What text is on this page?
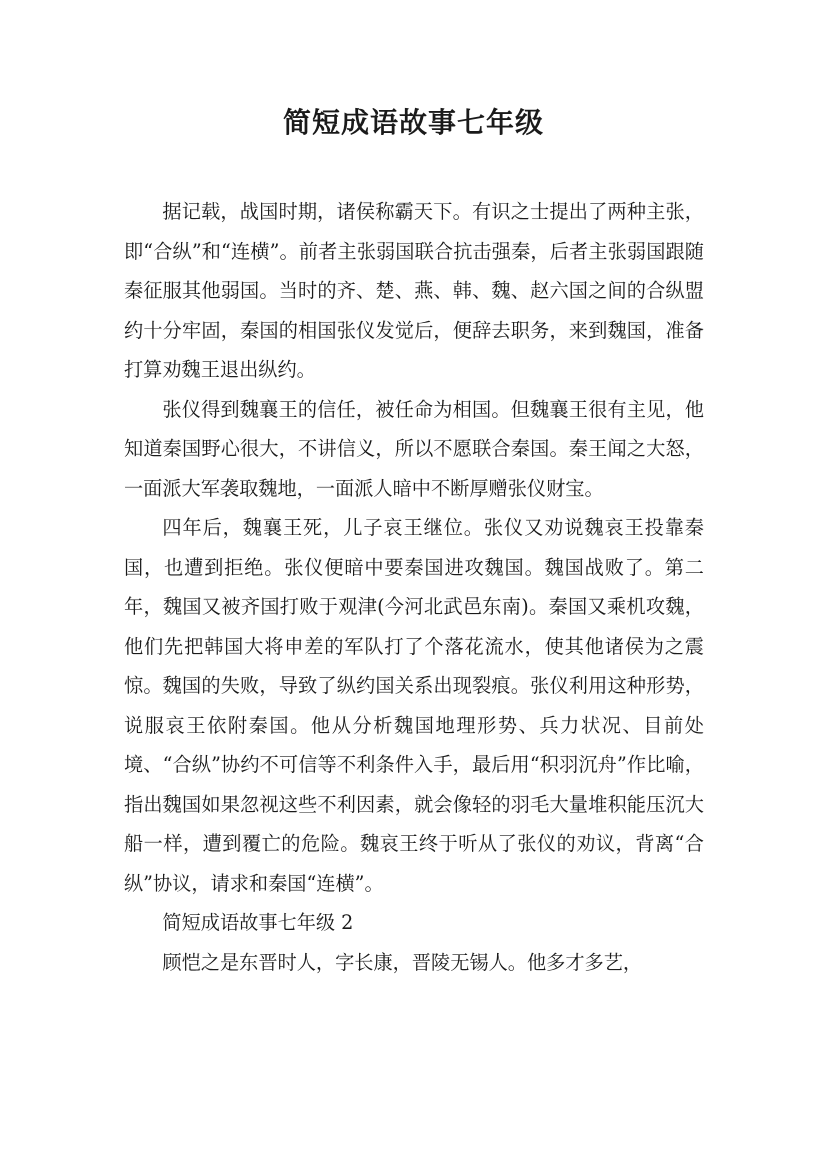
简短成语故事七年级

据记载，战国时期，诸侯称霸天下。有识之士提出了两种主张，即“合纵”和“连横”。前者主张弱国联合抗击强秦，后者主张弱国跟随秦征服其他弱国。当时的齐、楚、燕、韩、魏、赵六国之间的合纵盟约十分牢固，秦国的相国张仪发觉后，便辞去职务，来到魏国，准备打算劝魏王退出纵约。

张仪得到魏襄王的信任，被任命为相国。但魏襄王很有主见，他知道秦国野心很大，不讲信义，所以不愿联合秦国。秦王闻之大怒，一面派大军袭取魏地，一面派人暗中不断厚赠张仪财宝。

四年后，魏襄王死，儿子哀王继位。张仪又劝说魏哀王投靠秦国，也遭到拒绝。张仪便暗中要秦国进攻魏国。魏国战败了。第二年，魏国又被齐国打败于观津(今河北武邑东南)。秦国又乘机攻魏，他们先把韩国大将申差的军队打了个落花流水，使其他诸侯为之震惊。魏国的失败，导致了纵约国关系出现裂痕。张仪利用这种形势，说服哀王依附秦国。他从分析魏国地理形势、兵力状况、目前处境、“合纵”协约不可信等不利条件入手，最后用“积羽沉舟”作比喻，指出魏国如果忽视这些不利因素，就会像轻的羽毛大量堆积能压沉大船一样，遭到覆亡的危险。魏哀王终于听从了张仪的劝议，背离“合纵”协议，请求和秦国“连横”。

简短成语故事七年级 2

顾恺之是东晋时人，字长康，晋陵无锡人。他多才多艺，
